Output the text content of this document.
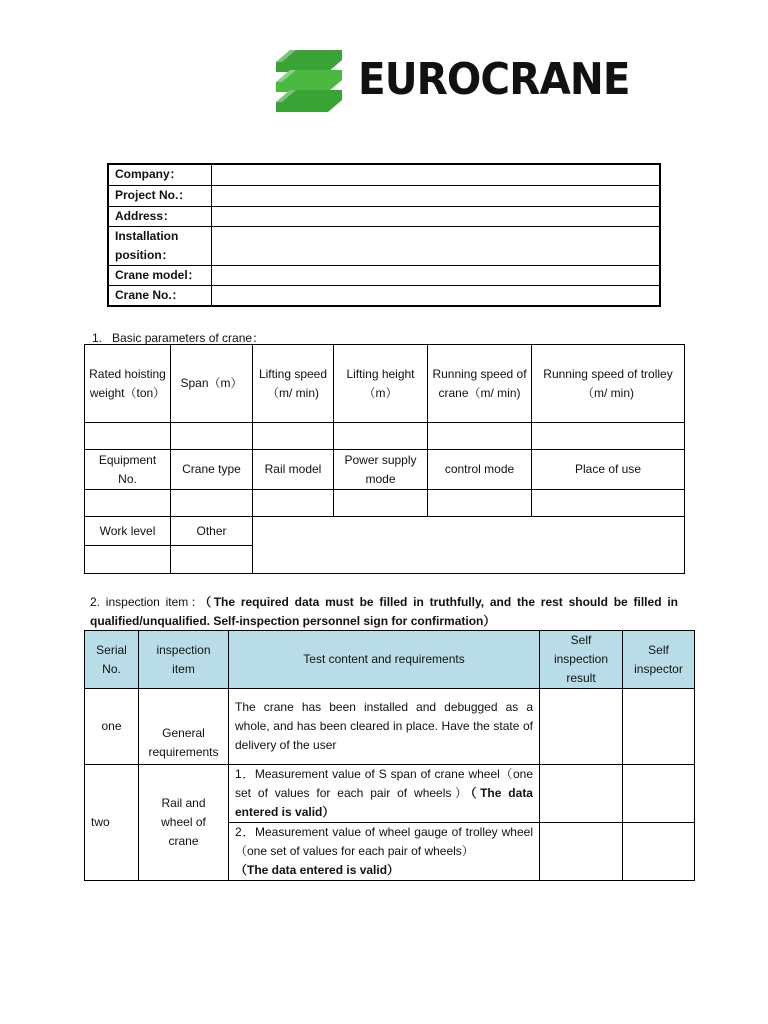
EUROCRANE
Company：	
Project No.：	
Address：	
Installation position：	
Crane model：	
Crane No.：	
1.   Basic parameters of crane：
Rated hoisting weight（ton）	Span（m）	Lifting speed （m/ min)	Lifting height（m）	Running speed of crane（m/ min)	Running speed of trolley（m/ min)

Equipment No.	Crane type	Rail model	Power supply mode	control mode	Place of use

Work level	Other				

2. inspection item：（The required data must be filled in truthfully, and the rest should be filled in qualified/unqualified. Self-inspection personnel sign for confirmation）
Serial No.	inspection item	Test content and requirements	Self inspection result	Self inspector
one	General requirements	The crane has been installed and debugged as a whole, and has been cleared in place. Have the state of delivery of the user		
two	Rail and wheel of crane	1．Measurement value of S span of crane wheel（one set of values for each pair of wheels）（The data entered is valid）		
		2．Measurement value of wheel gauge of trolley wheel（one set of values for each pair of wheels）
（The data entered is valid）		
